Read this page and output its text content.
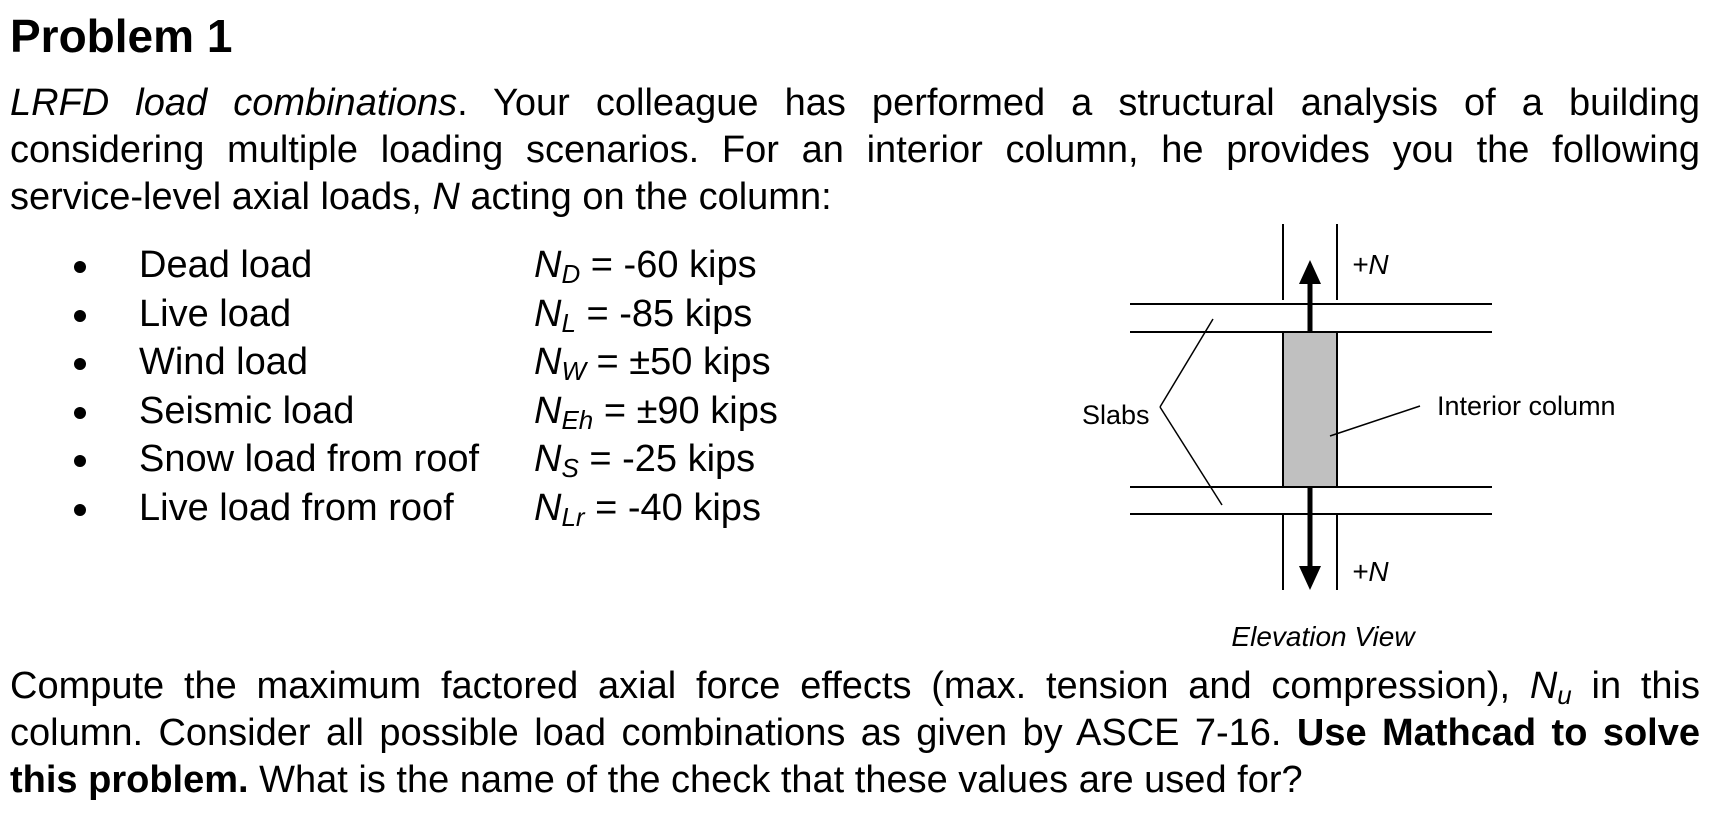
Problem 1
LRFD load combinations. Your colleague has performed a structural analysis of a building
considering multiple loading scenarios. For an interior column, he provides you the following
service-level axial loads, N acting on the column:
Dead load	$N_D = -60$ kips
Live load	$N_L = -85$ kips
Wind load	$N_W = \pm 50$ kips
Seismic load	$N_{Eh} = \pm 90$ kips
Snow load from roof $N_S = -25$ kips
Live load from roof $N_{Lr} = -40$ kips
+N
+N
Slabs	Interior column
Elevation View
Compute the maximum factored axial force effects (max. tension and compression), $N_u$ in this
column. Consider all possible load combinations as given by ASCE 7-16. Use Mathcad to solve
this problem. What is the name of the check that these values are used for?
